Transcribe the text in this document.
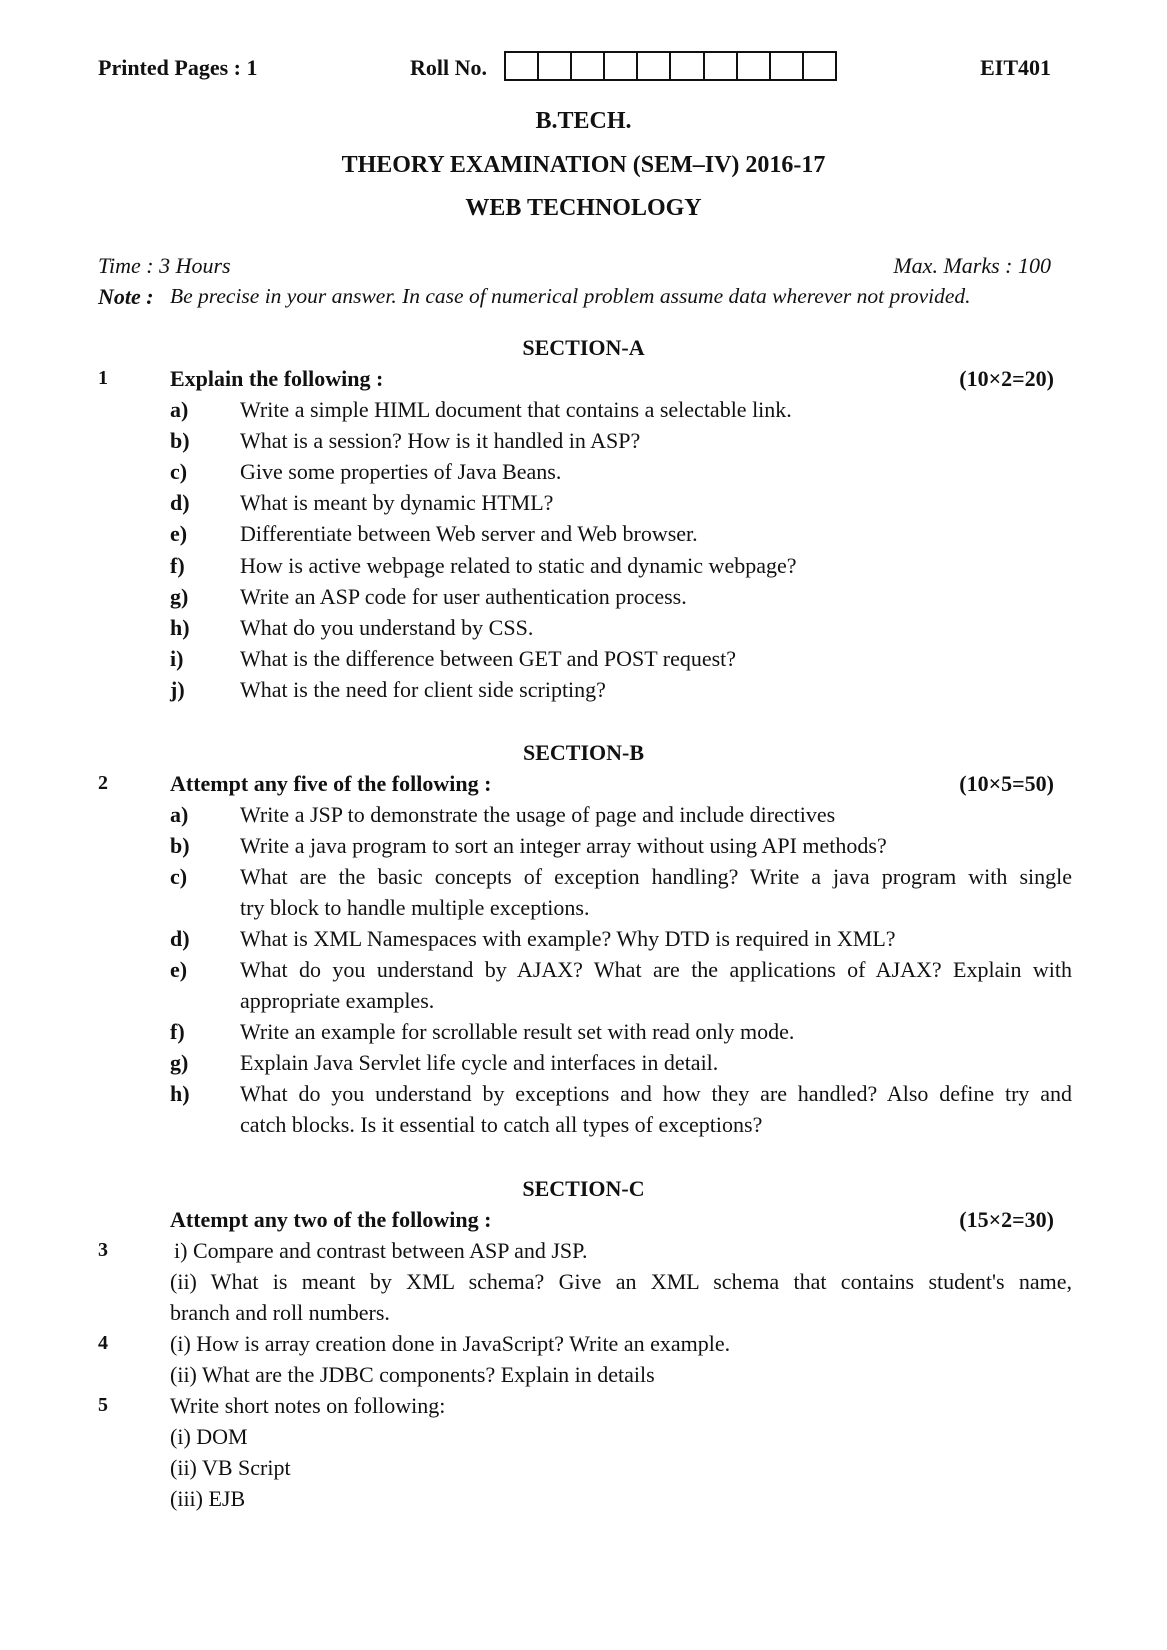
Printed Pages : 1	Roll No.	EIT401
B.TECH.
THEORY EXAMINATION (SEM–IV) 2016-17
WEB TECHNOLOGY
Time : 3 Hours	Max. Marks : 100
Note : Be precise in your answer. In case of numerical problem assume data wherever not provided.
SECTION-A
1	Explain the following :	(10×2=20)
a) Write a simple HIML document that contains a selectable link.
b) What is a session? How is it handled in ASP?
c) Give some properties of Java Beans.
d) What is meant by dynamic HTML?
e) Differentiate between Web server and Web browser.
f)	How is active webpage related to static and dynamic webpage?
g) Write an ASP code for user authentication process.
h) What do you understand by CSS.
i)	What is the difference between GET and POST request?
j)	What is the need for client side scripting?
SECTION-B
2	Attempt any five of the following :	(10×5=50)
a) Write a JSP to demonstrate the usage of page and include directives
b) Write a java program to sort an integer array without using API methods?
c) What are the basic concepts of exception handling? Write a java program with single
try block to handle multiple exceptions.
d) What is XML Namespaces with example? Why DTD is required in XML?
e) What do you understand by AJAX? What are the applications of AJAX? Explain with
appropriate examples.
f)	Write an example for scrollable result set with read only mode.
g) Explain Java Servlet life cycle and interfaces in detail.
h) What do you understand by exceptions and how they are handled? Also define try and
catch blocks. Is it essential to catch all types of exceptions?
SECTION-C
Attempt any two of the following :	(15×2=30)
3	i) Compare and contrast between ASP and JSP.
(ii) What is meant by XML schema? Give an XML schema that contains student's name,
branch and roll numbers.
4	(i) How is array creation done in JavaScript? Write an example.
(ii) What are the JDBC components? Explain in details
5	Write short notes on following:
(i) DOM
(ii) VB Script
(iii) EJB
